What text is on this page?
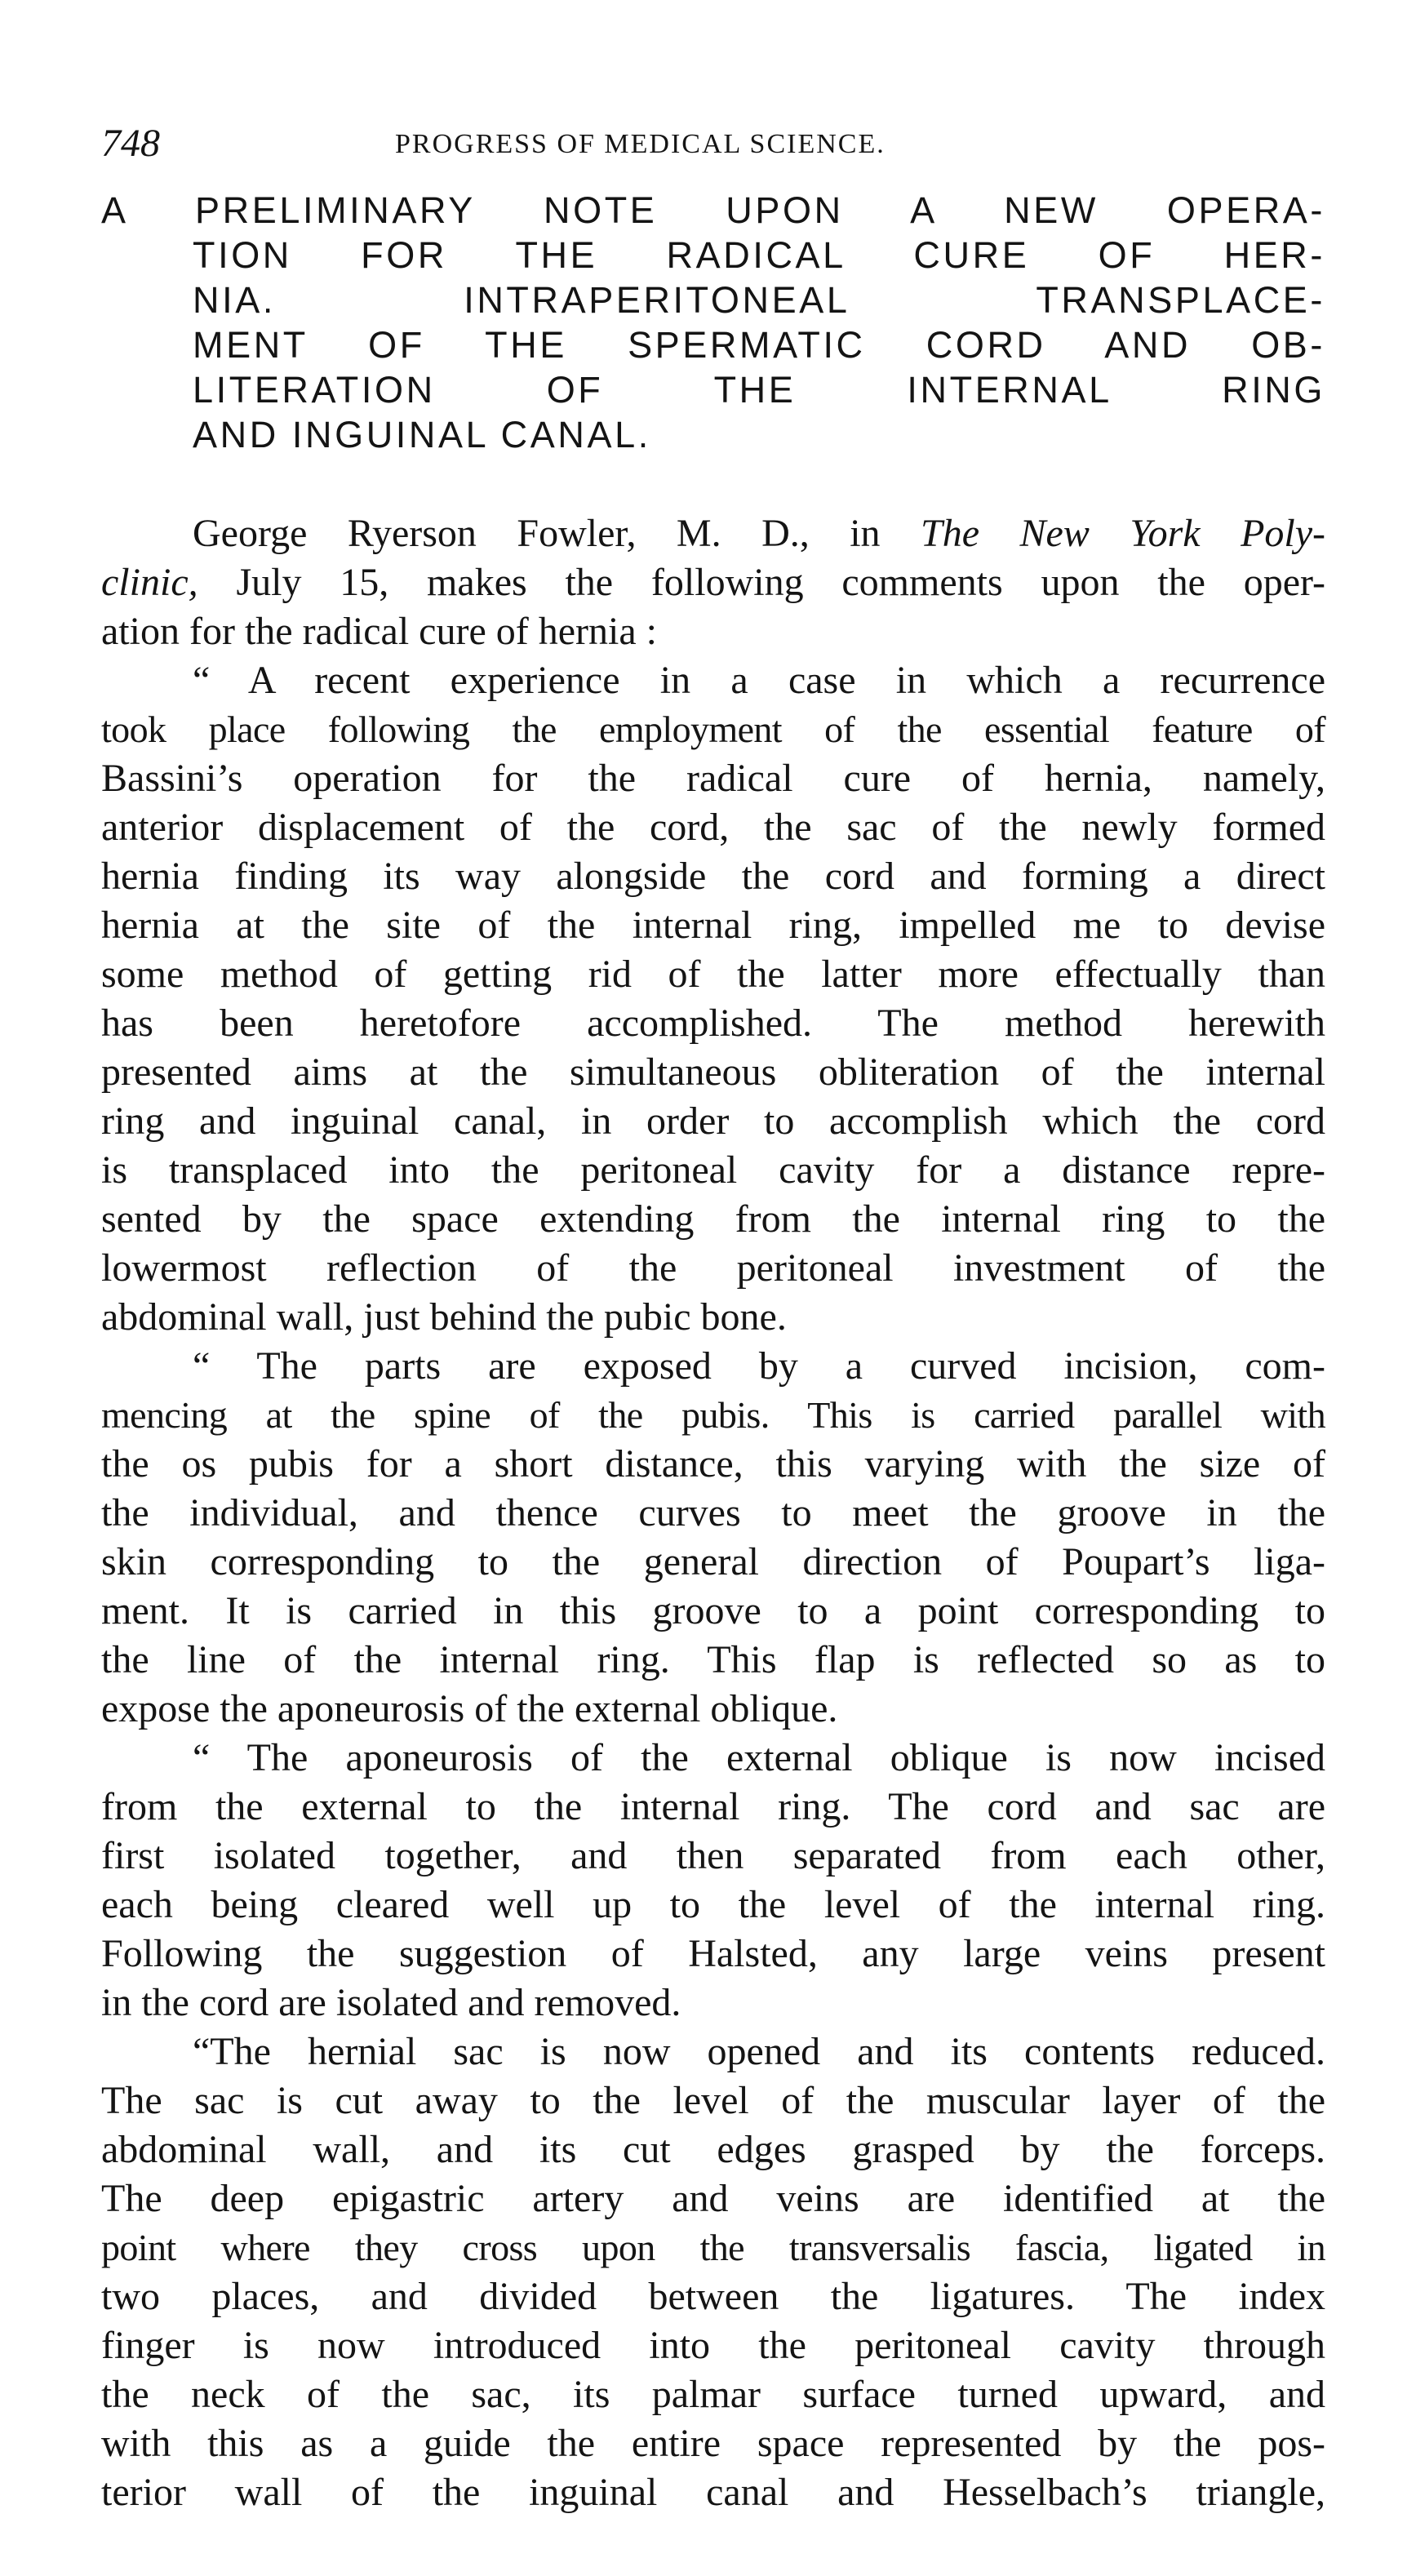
748	PROGRESS OF MEDICAL SCIENCE.
A PRELIMINARY NOTE UPON A NEW OPERA-
TION FOR THE RADICAL CURE OF HER-
NIA. INTRAPERITONEAL TRANSPLACE-
MENT OF THE SPERMATIC CORD AND OB-
LITERATION OF THE INTERNAL RING
AND INGUINAL CANAL.
George Ryerson Fowler, M. D., in The New York Poly-
clinic, July 15, makes the following comments upon the oper-
ation for the radical cure of hernia :
“ A recent experience in a case in which a recurrence
took place following the employment of the essential feature of
Bassini’s operation for the radical cure of hernia, namely,
anterior displacement of the cord, the sac of the newly formed
hernia finding its way alongside the cord and forming a direct
hernia at the site of the internal ring, impelled me to devise
some method of getting rid of the latter more effectually than
has been heretofore accomplished. The method herewith
presented aims at the simultaneous obliteration of the internal
ring and inguinal canal, in order to accomplish which the cord
is transplaced into the peritoneal cavity for a distance repre-
sented by the space extending from the internal ring to the
lowermost reflection of the peritoneal investment of the
abdominal wall, just behind the pubic bone.
“ The parts are exposed by a curved incision, com-
mencing at the spine of the pubis. This is carried parallel with
the os pubis for a short distance, this varying with the size of
the individual, and thence curves to meet the groove in the
skin corresponding to the general direction of Poupart’s liga-
ment. It is carried in this groove to a point corresponding to
the line of the internal ring. This flap is reflected so as to
expose the aponeurosis of the external oblique.
“ The aponeurosis of the external oblique is now incised
from the external to the internal ring. The cord and sac are
first isolated together, and then separated from each other,
each being cleared well up to the level of the internal ring.
Following the suggestion of Halsted, any large veins present
in the cord are isolated and removed.
“The hernial sac is now opened and its contents reduced.
The sac is cut away to the level of the muscular layer of the
abdominal wall, and its cut edges grasped by the forceps.
The deep epigastric artery and veins are identified at the
point where they cross upon the transversalis fascia, ligated in
two places, and divided between the ligatures. The index
finger is now introduced into the peritoneal cavity through
the neck of the sac, its palmar surface turned upward, and
with this as a guide the entire space represented by the pos-
terior wall of the inguinal canal and Hesselbach’s triangle,
